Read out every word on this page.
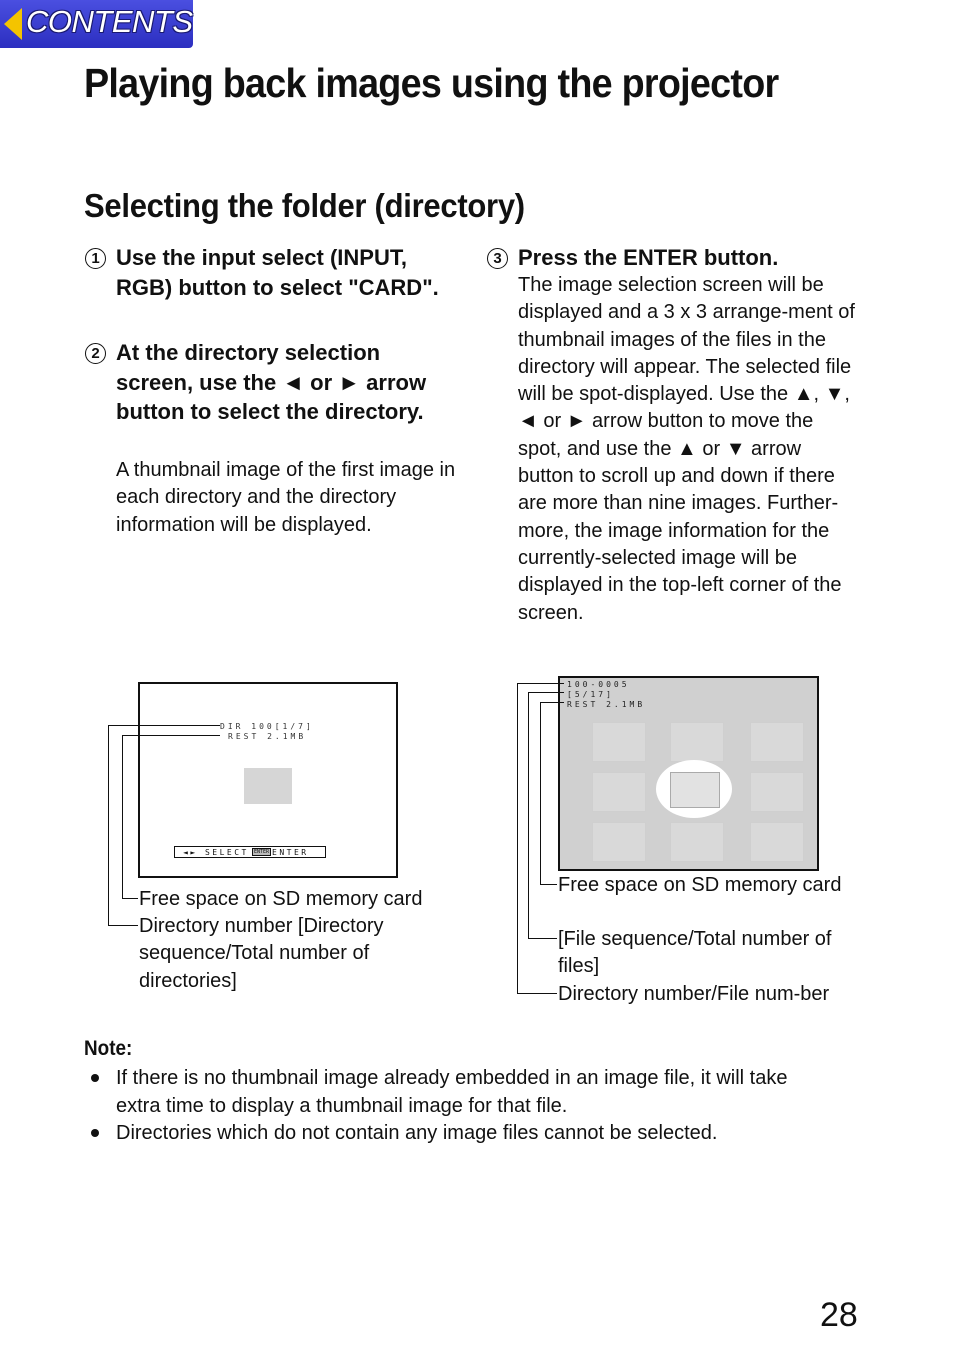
CONTENTS
Playing back images using the projector
Selecting the folder (directory)
1 Use the input select (INPUT, RGB) button to select "CARD".
2 At the directory selection screen, use the ◄ or ► arrow button to select the directory.
A thumbnail image of the first image in each directory and the directory information will be displayed.
3 Press the ENTER button.
The image selection screen will be displayed and a 3 x 3 arrange-ment of thumbnail images of the files in the directory will appear. The selected file will be spot-displayed. Use the ▲, ▼, ◄ or ► arrow button to move the spot, and use the ▲ or ▼ arrow button to scroll up and down if there are more than nine images. Further-more, the image information for the currently-selected image will be displayed in the top-left corner of the screen.
DIR 100[1/7]
REST 2.1MB
◄► SELECT	ENTER ENTER
Free space on SD memory card
Directory number [Directory sequence/Total number of directories]
100-0005
[5/17]
REST 2.1MB
Free space on SD memory card
[File sequence/Total number of files]
Directory number/File num-ber
Note:
If there is no thumbnail image already embedded in an image file, it will take extra time to display a thumbnail image for that file.
Directories which do not contain any image files cannot be selected.
28
